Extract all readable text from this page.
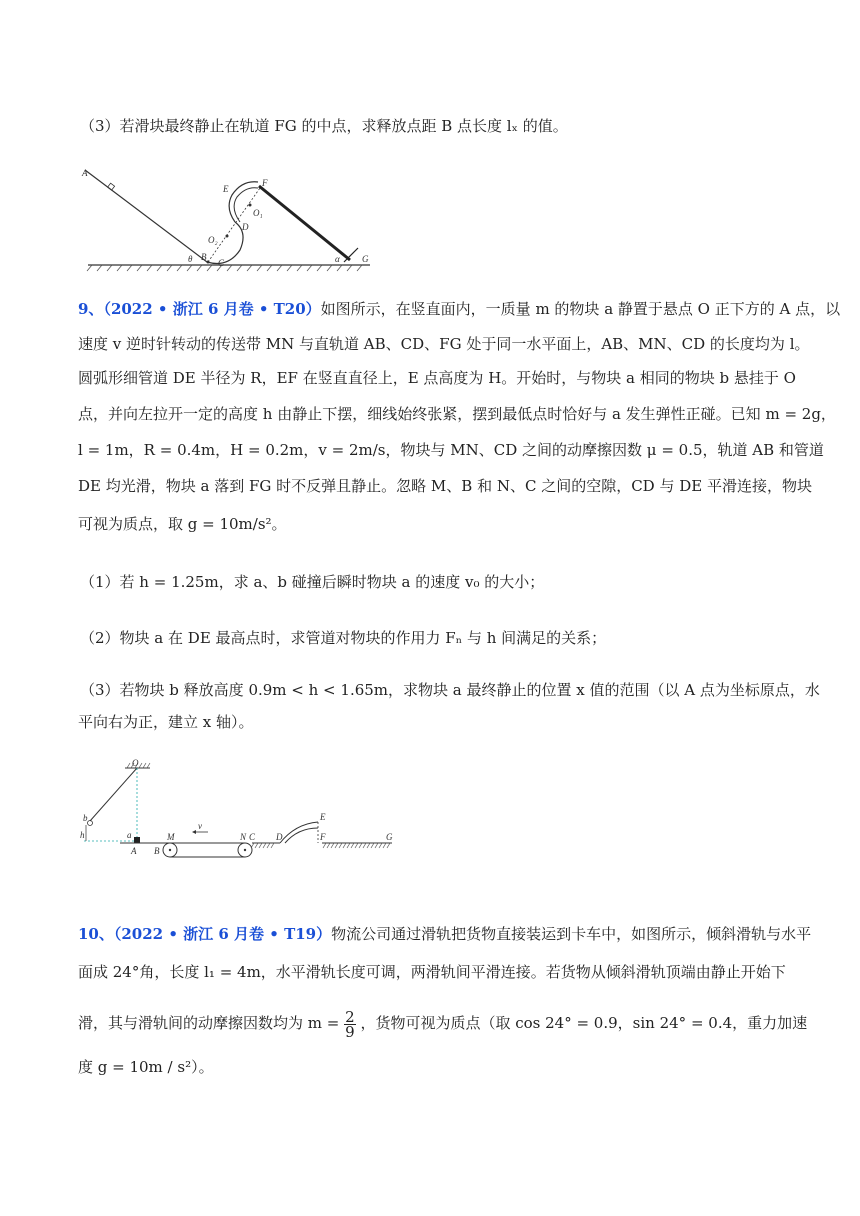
（3）若滑块最终静止在轨道 FG 的中点，求释放点距 B 点长度 lₓ 的值。
A
E
F
O₁
D
O₂
θ B
C	α G
9、（2022 • 浙江 6 月卷 • T20）如图所示，在竖直面内，一质量 m 的物块 a 静置于悬点 O 正下方的 A 点，以
速度 v 逆时针转动的传送带 MN 与直轨道 AB、CD、FG 处于同一水平面上，AB、MN、CD 的长度均为 l。
圆弧形细管道 DE 半径为 R，EF 在竖直直径上，E 点高度为 H。开始时，与物块 a 相同的物块 b 悬挂于 O
点，并向左拉开一定的高度 h 由静止下摆，细线始终张紧，摆到最低点时恰好与 a 发生弹性正碰。已知 m = 2g，
l = 1m，R = 0.4m，H = 0.2m，v = 2m/s，物块与 MN、CD 之间的动摩擦因数 μ = 0.5，轨道 AB 和管道
DE 均光滑，物块 a 落到 FG 时不反弹且静止。忽略 M、B 和 N、C 之间的空隙，CD 与 DE 平滑连接，物块
可视为质点，取 g = 10m/s²。
（1）若 h = 1.25m，求 a、b 碰撞后瞬时物块 a 的速度 v₀ 的大小；
（2）物块 a 在 DE 最高点时，求管道对物块的作用力 Fₙ 与 h 间满足的关系；
（3）若物块 b 释放高度 0.9m < h < 1.65m，求物块 a 最终静止的位置 x 值的范围（以 A 点为坐标原点，水
平向右为正，建立 x 轴）。
O
b
h	a
A B
M
v
N C D
E
F	G
10、（2022 • 浙江 6 月卷 • T19）物流公司通过滑轨把货物直接装运到卡车中，如图所示，倾斜滑轨与水平
面成 24°角，长度 l₁ = 4m，水平滑轨长度可调，两滑轨间平滑连接。若货物从倾斜滑轨顶端由静止开始下
滑，其与滑轨间的动摩擦因数均为 $m = \frac{2}{9}$ ，货物可视为质点（取 cos 24° = 0.9，sin 24° = 0.4，重力加速
度 g = 10m / s²）。
